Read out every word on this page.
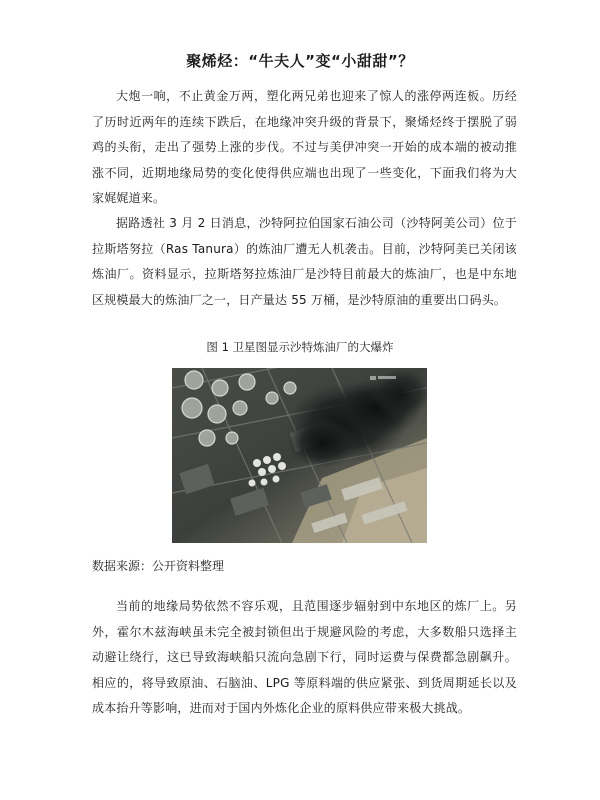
聚烯烃：“牛夫人”变“小甜甜”？

大炮一响，不止黄金万两，塑化两兄弟也迎来了惊人的涨停两连板。历经了历时近两年的连续下跌后，在地缘冲突升级的背景下，聚烯烃终于摆脱了弱鸡的头衔，走出了强势上涨的步伐。不过与美伊冲突一开始的成本端的被动推涨不同，近期地缘局势的变化使得供应端也出现了一些变化，下面我们将为大家娓娓道来。

据路透社 3 月 2 日消息，沙特阿拉伯国家石油公司（沙特阿美公司）位于拉斯塔努拉（Ras Tanura）的炼油厂遭无人机袭击。目前，沙特阿美已关闭该炼油厂。资料显示，拉斯塔努拉炼油厂是沙特目前最大的炼油厂，也是中东地区规模最大的炼油厂之一，日产量达 55 万桶，是沙特原油的重要出口码头。

图 1 卫星图显示沙特炼油厂的大爆炸
数据来源：公开资料整理

当前的地缘局势依然不容乐观，且范围逐步辐射到中东地区的炼厂上。另外，霍尔木兹海峡虽未完全被封锁但出于规避风险的考虑，大多数船只选择主动避让绕行，这已导致海峡船只流向急剧下行，同时运费与保费都急剧飙升。相应的，将导致原油、石脑油、LPG 等原料端的供应紧张、到货周期延长以及成本抬升等影响，进而对于国内外炼化企业的原料供应带来极大挑战。
